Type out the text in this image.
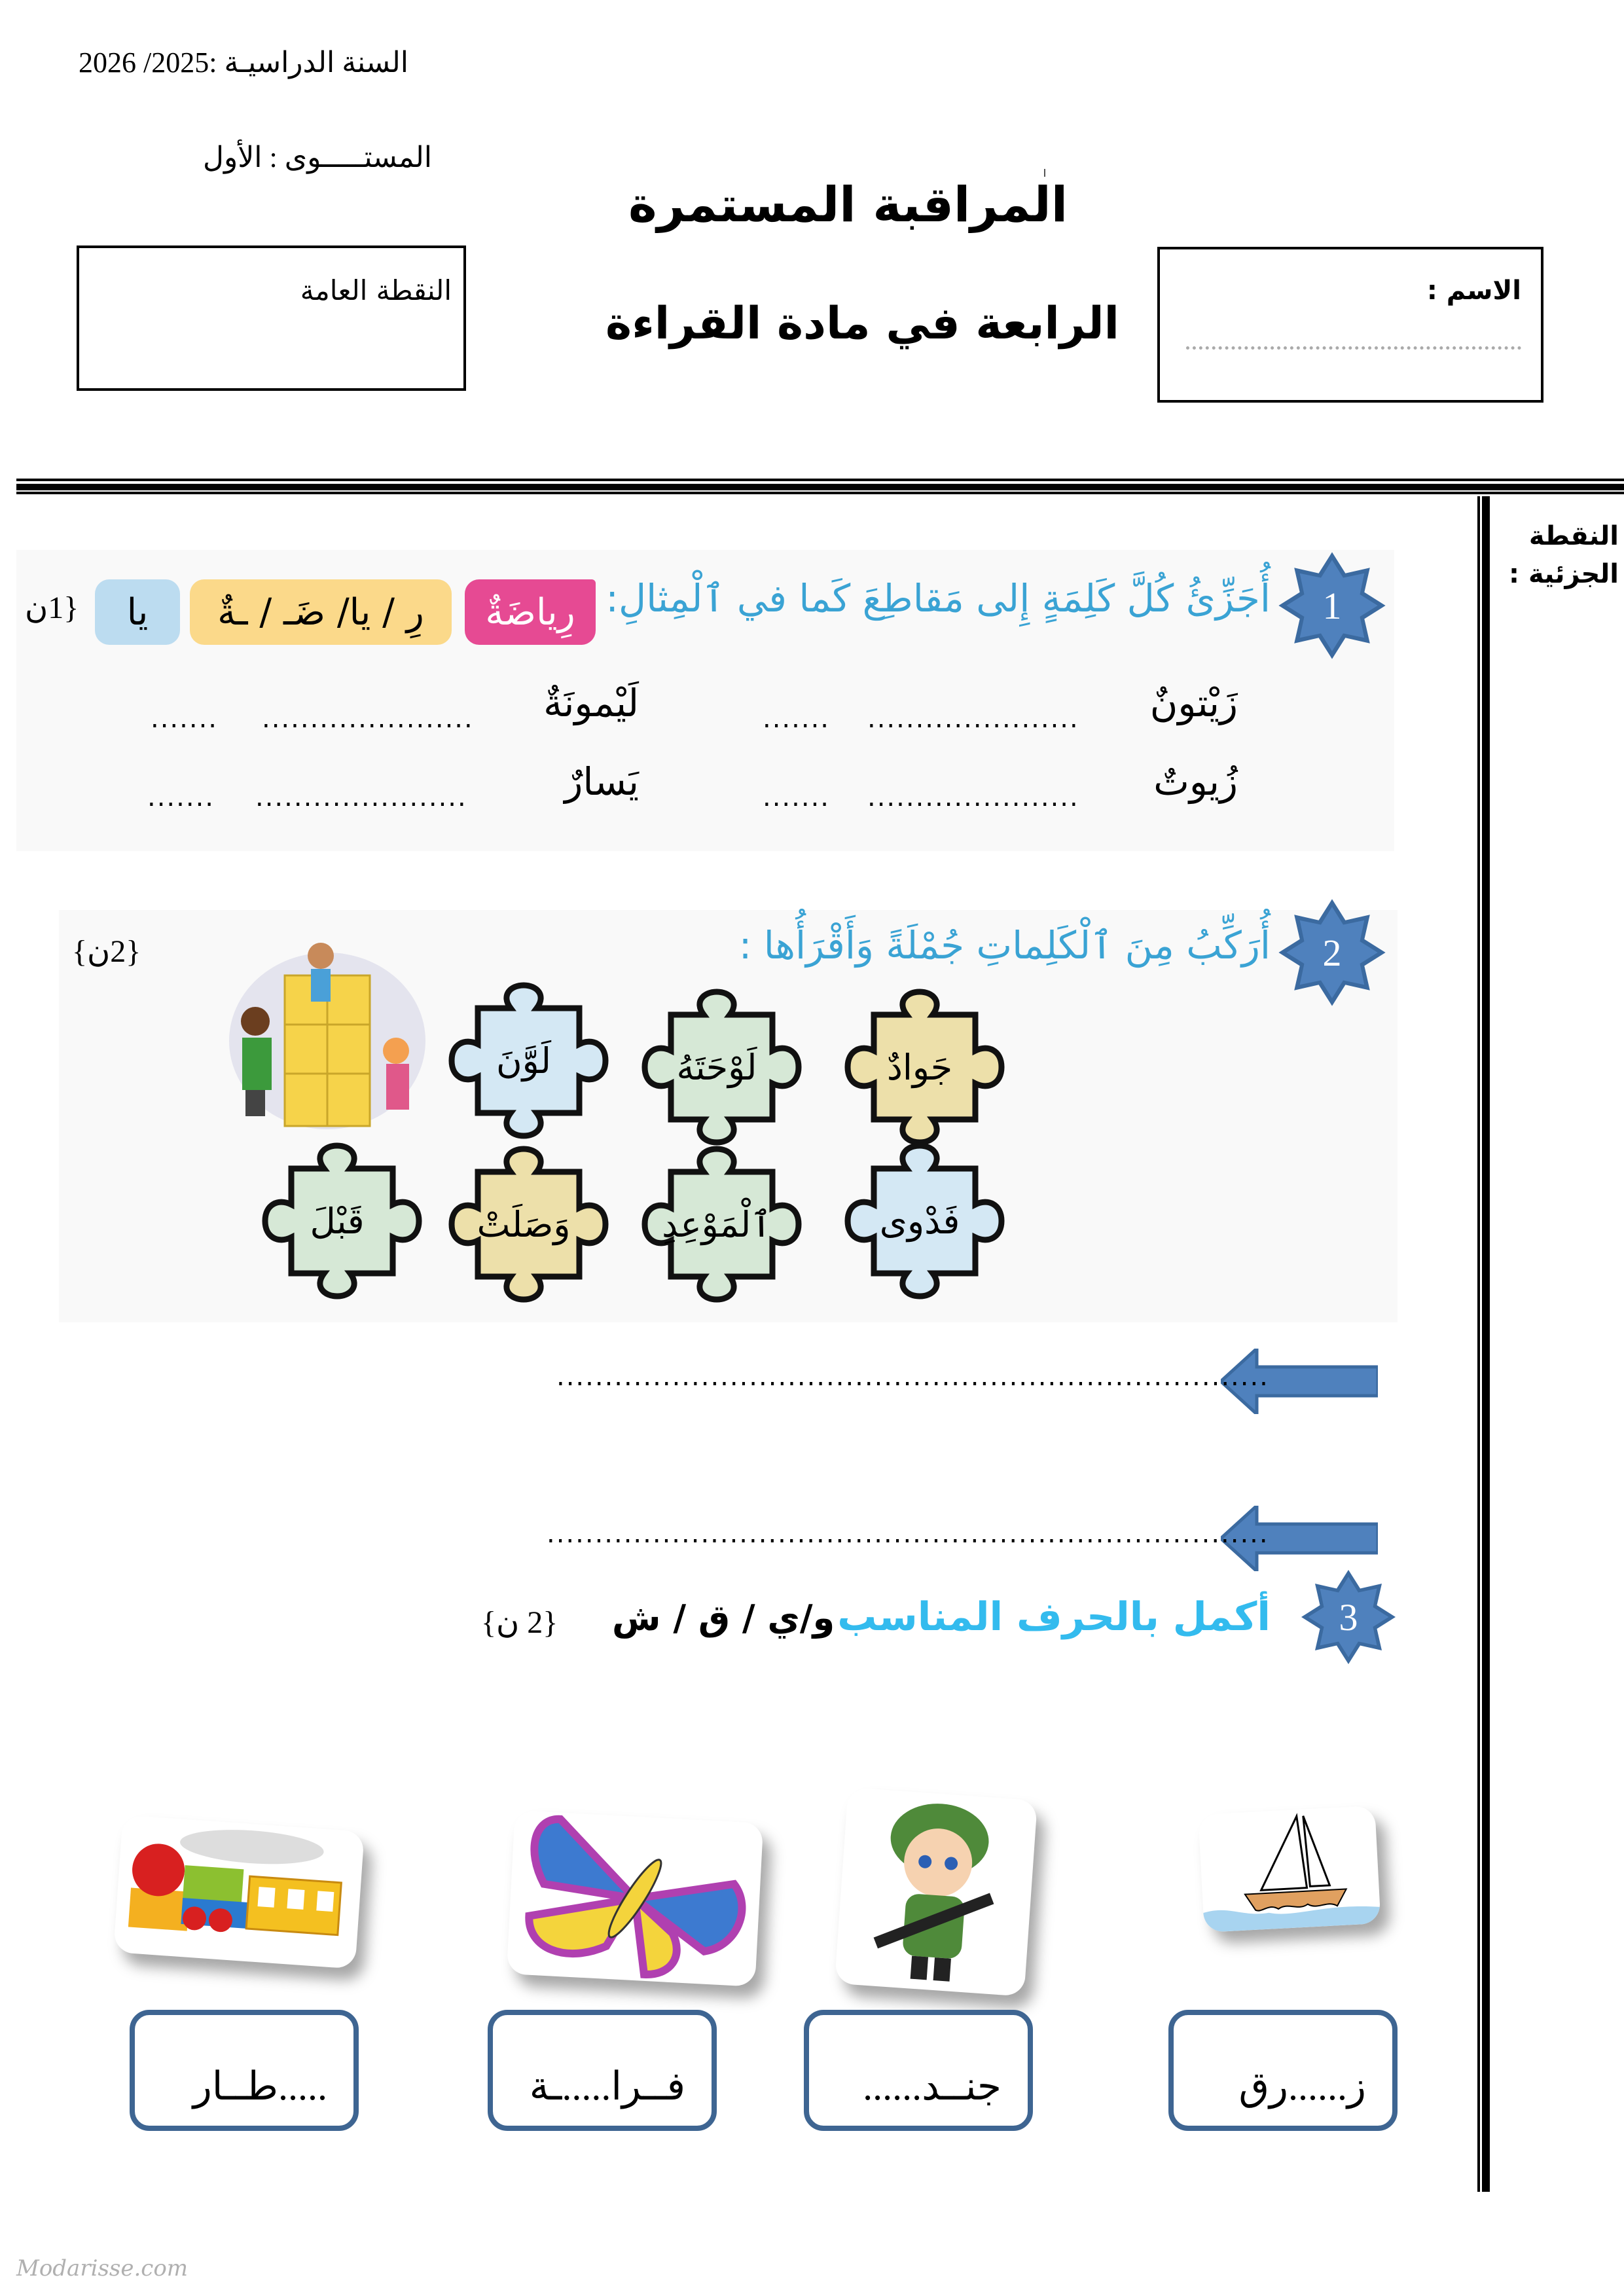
السنة الدراسيـة :2025/ 2026
المستـــــوى : الأول
المراقبة المستمرة
الرابعة في مادة القراءة
النقطة العامة	الاسم :
النقطة
الجزئية :
1
أُجَزِّئُ كُلَّ كَلِمَةٍ إِلى مَقاطِعَ كَما في ٱلْمِثالِ:
رِياضَةٌ
رِ / يا/ ضَـ / ـةٌ
يا
{1ن
زَيْتونٌ
......................
.......
لَيْمونَةٌ
......................
.......
زُيوتٌ
......................
.......
يَسارٌ
......................
.......
2
أُرَكِّبُ مِنَ ٱلْكَلِماتِ جُمْلَةً وَأَقْرَأُها :
{2ن}
جَوادٌ
لَوْحَتَهُ
لَوَّنَ
فَدْوى
ٱلْمَوْعِدِ
وَصَلَتْ
قَبْلَ
..........................................................................
...........................................................................
3
أكمل بالحرف المناسب
و/ي / ق / ش
{2 ن}
ز......رق
جنــد......
فــرا.....ـة
.....طــار
Modarisse.com
